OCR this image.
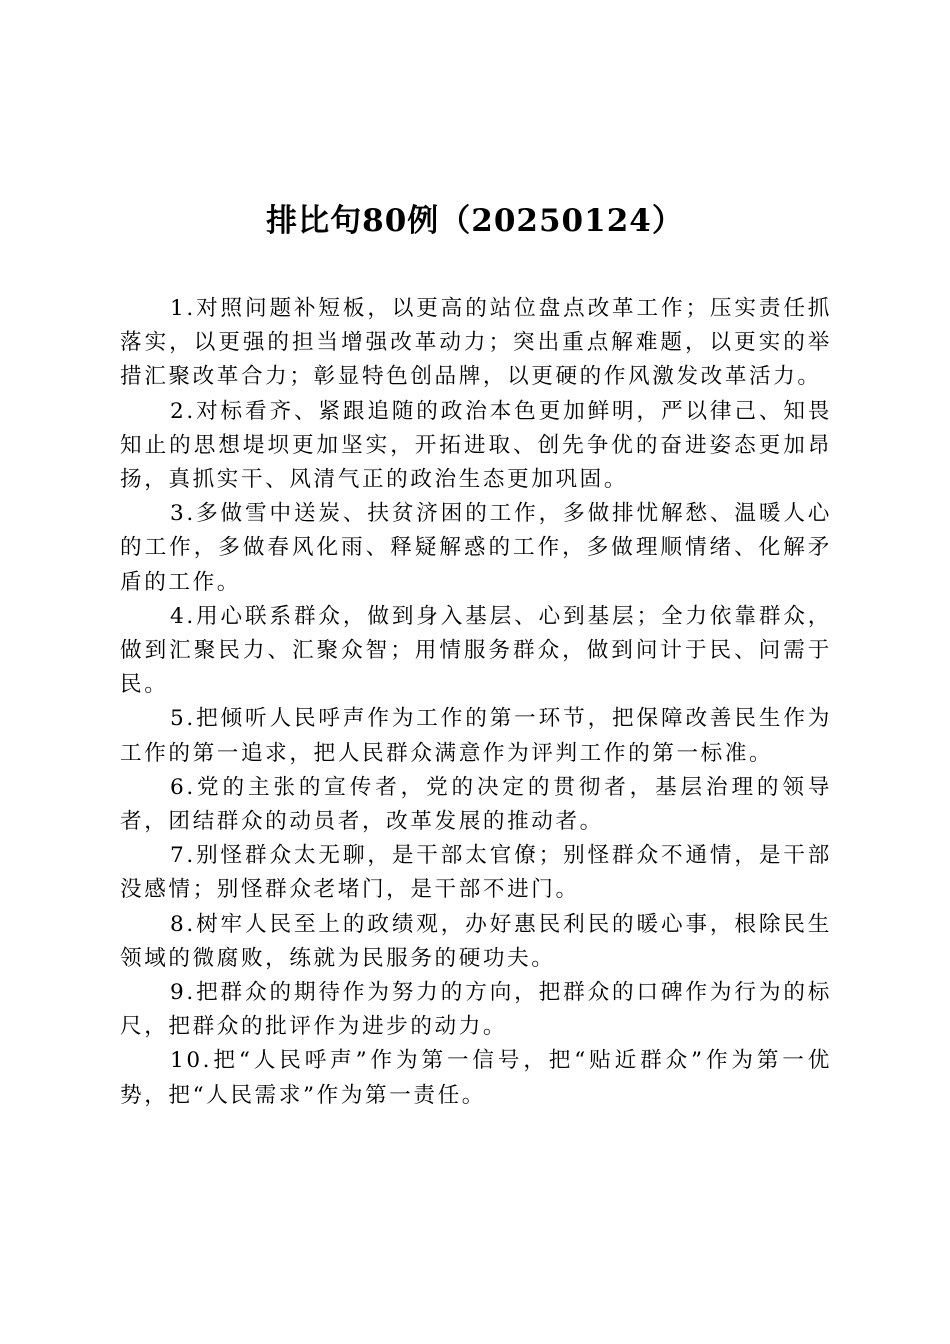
排比句80例（20250124）

1.对照问题补短板，以更高的站位盘点改革工作；压实责任抓落实，以更强的担当增强改革动力；突出重点解难题，以更实的举措汇聚改革合力；彰显特色创品牌，以更硬的作风激发改革活力。

2.对标看齐、紧跟追随的政治本色更加鲜明，严以律己、知畏知止的思想堤坝更加坚实，开拓进取、创先争优的奋进姿态更加昂扬，真抓实干、风清气正的政治生态更加巩固。

3.多做雪中送炭、扶贫济困的工作，多做排忧解愁、温暖人心的工作，多做春风化雨、释疑解惑的工作，多做理顺情绪、化解矛盾的工作。

4.用心联系群众，做到身入基层、心到基层；全力依靠群众，做到汇聚民力、汇聚众智；用情服务群众，做到问计于民、问需于民。

5.把倾听人民呼声作为工作的第一环节，把保障改善民生作为工作的第一追求，把人民群众满意作为评判工作的第一标准。

6.党的主张的宣传者，党的决定的贯彻者，基层治理的领导者，团结群众的动员者，改革发展的推动者。

7.别怪群众太无聊，是干部太官僚；别怪群众不通情，是干部没感情；别怪群众老堵门，是干部不进门。

8.树牢人民至上的政绩观，办好惠民利民的暖心事，根除民生领域的微腐败，练就为民服务的硬功夫。

9.把群众的期待作为努力的方向，把群众的口碑作为行为的标尺，把群众的批评作为进步的动力。

10.把“人民呼声”作为第一信号，把“贴近群众”作为第一优势，把“人民需求”作为第一责任。
